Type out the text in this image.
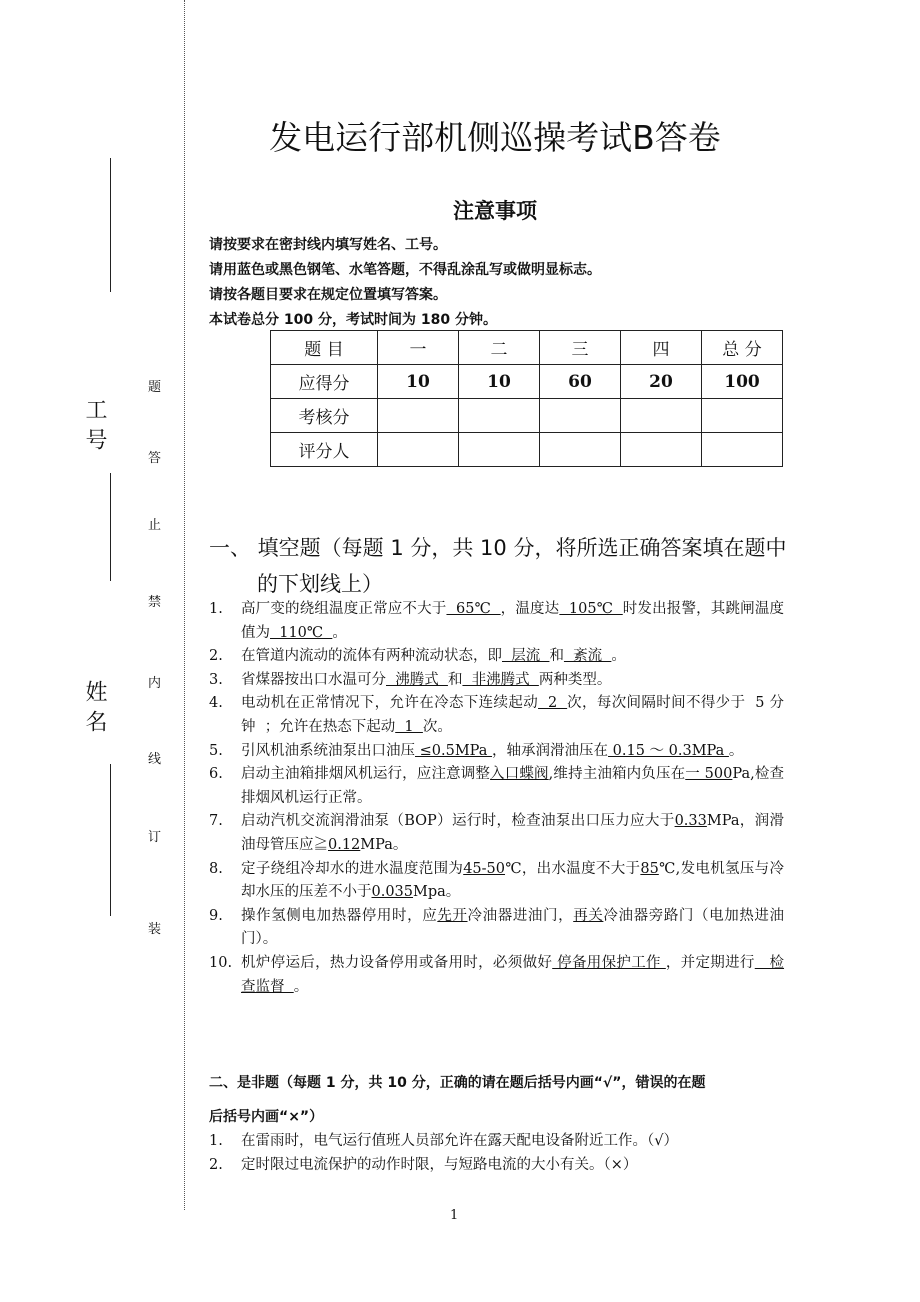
工号
姓名
题
答
止
禁
内
线
订
装
发电运行部机侧巡操考试B答卷
注意事项
请按要求在密封线内填写姓名、工号。
请用蓝色或黑色钢笔、水笔答题，不得乱涂乱写或做明显标志。
请按各题目要求在规定位置填写答案。
本试卷总分 100 分，考试时间为 180 分钟。
题 目	一	二	三	四	总 分
应得分	10	10	60	20	100
考核分					
评分人					
一、 填空题（每题 1 分，共 10 分，将所选正确答案填在题中
的下划线上）
1.	高厂变的绕组温度正常应不大于  65℃  ，温度达  105℃  时发出报警，其跳闸温度值为  110℃  。
2.	在管道内流动的流体有两种流动状态，即  层流  和  紊流  。
3.	省煤器按出口水温可分  沸腾式  和  非沸腾式  两种类型。
4.	电动机在正常情况下，允许在冷态下连续起动  2  次，每次间隔时间不得少于  5 分钟  ；允许在热态下起动  1  次。
5.	引风机油系统油泵出口油压 ≤0.5MPa ，轴承润滑油压在 0.15 ～ 0.3MPa 。
6.	启动主油箱排烟风机运行，应注意调整入口蝶阀,维持主油箱内负压在一 500Pa,检查排烟风机运行正常。
7.	启动汽机交流润滑油泵（BOP）运行时，检查油泵出口压力应大于0.33MPa，润滑油母管压应≧0.12MPa。
8.	定子绕组冷却水的进水温度范围为45-50℃，出水温度不大于85℃,发电机氢压与冷却水压的压差不小于0.035Mpa。
9.	操作氢侧电加热器停用时，应先开冷油器进油门，再关冷油器旁路门（电加热进油门）。
10. 机炉停运后，热力设备停用或备用时，必须做好 停备用保护工作 ，并定期进行   检查监督  。
二、是非题（每题 1 分，共 10 分，正确的请在题后括号内画“√”，错误的在题
后括号内画“×”）
1.	在雷雨时，电气运行值班人员部允许在露天配电设备附近工作。（√）
2.	定时限过电流保护的动作时限，与短路电流的大小有关。（×）
1
